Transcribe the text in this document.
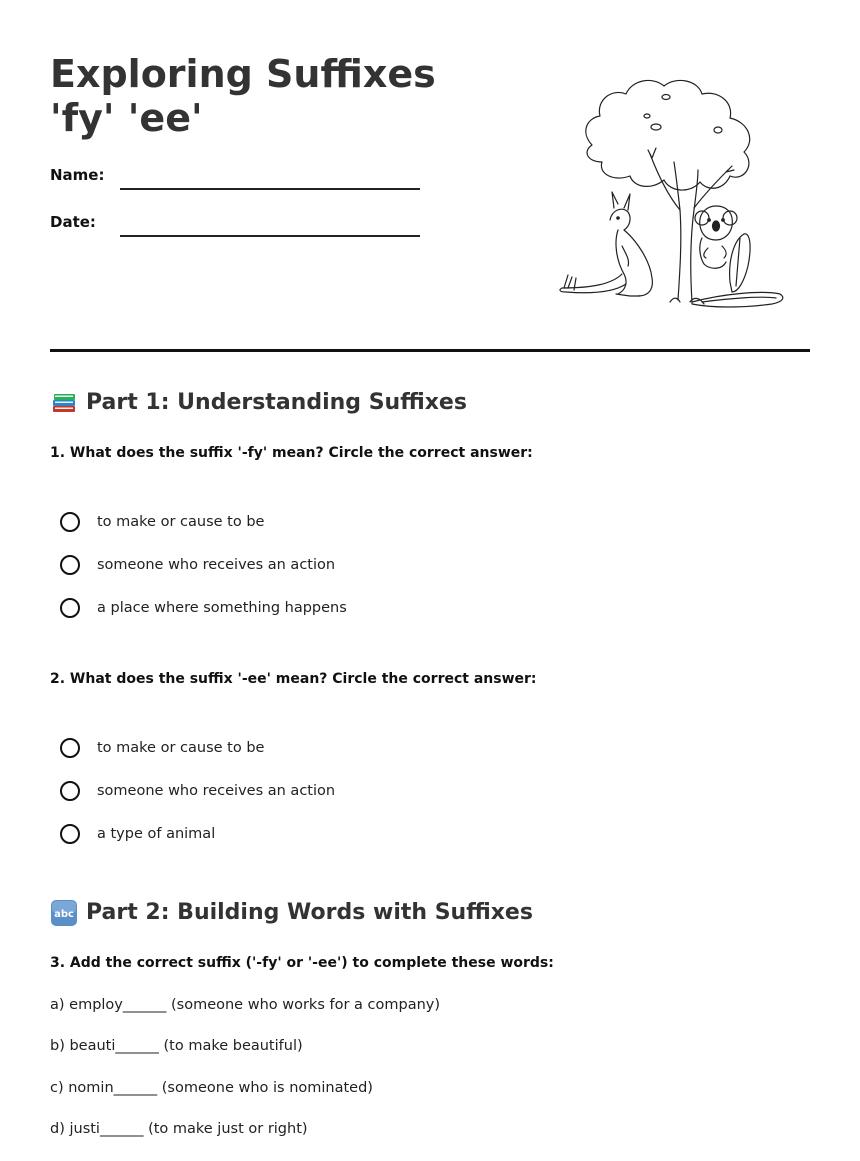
Exploring Suffixes 'fy' 'ee'
Name:
Date:
Part 1: Understanding Suffixes
1. What does the suffix '-fy' mean? Circle the correct answer:
to make or cause to be
someone who receives an action
a place where something happens
2. What does the suffix '-ee' mean? Circle the correct answer:
to make or cause to be
someone who receives an action
a type of animal
abc Part 2: Building Words with Suffixes
3. Add the correct suffix ('-fy' or '-ee') to complete these words:
a) employ______ (someone who works for a company)
b) beauti______ (to make beautiful)
c) nomin______ (someone who is nominated)
d) justi______ (to make just or right)
